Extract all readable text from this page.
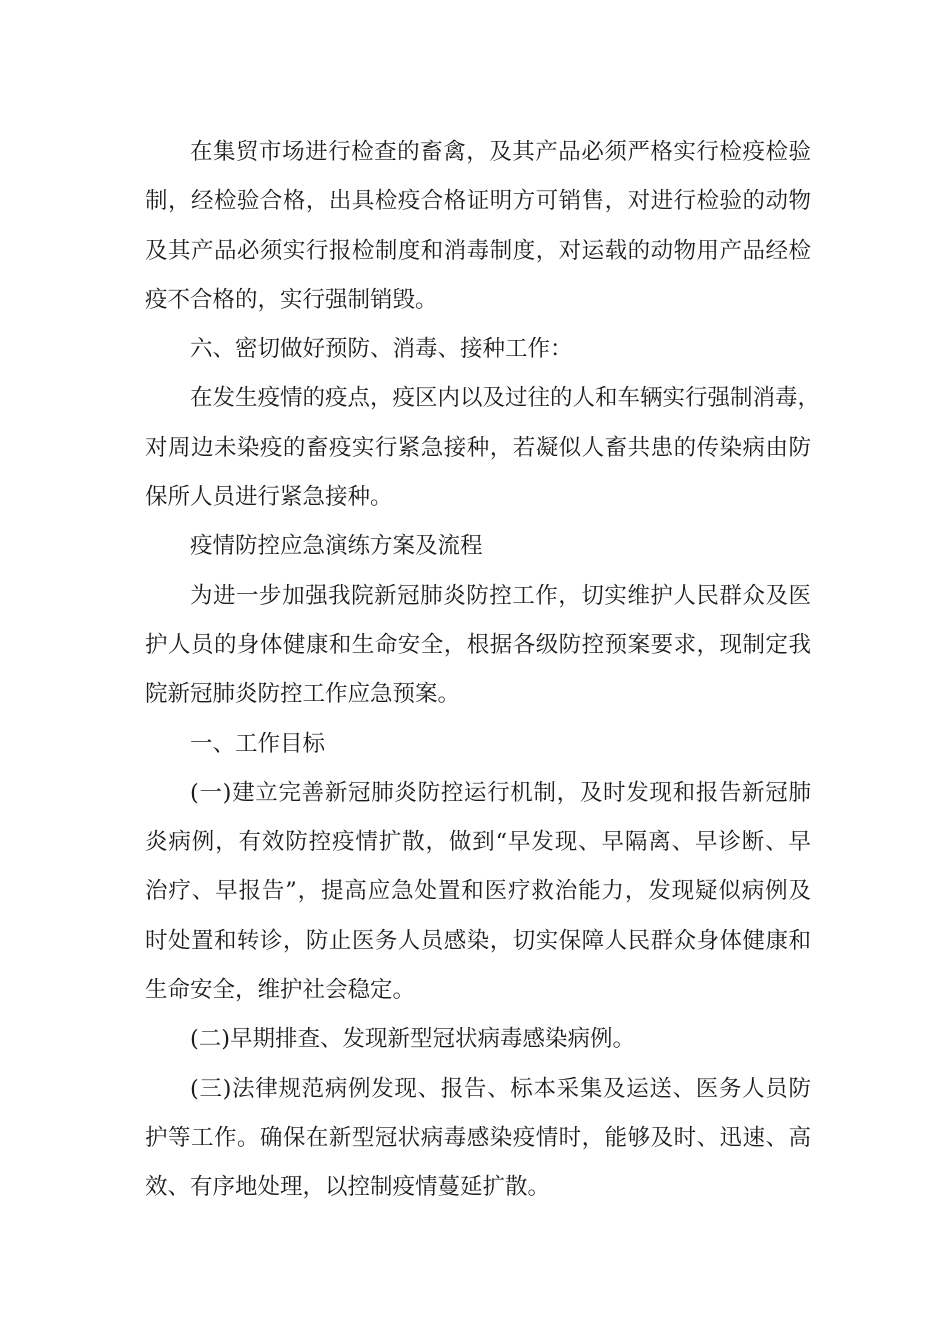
在集贸市场进行检查的畜禽，及其产品必须严格实行检疫检验
制，经检验合格，出具检疫合格证明方可销售，对进行检验的动物
及其产品必须实行报检制度和消毒制度，对运载的动物用产品经检
疫不合格的，实行强制销毁。

六、密切做好预防、消毒、接种工作：

在发生疫情的疫点，疫区内以及过往的人和车辆实行强制消毒，
对周边未染疫的畜疫实行紧急接种，若凝似人畜共患的传染病由防
保所人员进行紧急接种。

疫情防控应急演练方案及流程

为进一步加强我院新冠肺炎防控工作，切实维护人民群众及医
护人员的身体健康和生命安全，根据各级防控预案要求，现制定我
院新冠肺炎防控工作应急预案。

一、工作目标

(一)建立完善新冠肺炎防控运行机制，及时发现和报告新冠肺
炎病例，有效防控疫情扩散，做到“早发现、早隔离、早诊断、早
治疗、早报告”，提高应急处置和医疗救治能力，发现疑似病例及
时处置和转诊，防止医务人员感染，切实保障人民群众身体健康和
生命安全，维护社会稳定。

(二)早期排查、发现新型冠状病毒感染病例。

(三)法律规范病例发现、报告、标本采集及运送、医务人员防
护等工作。确保在新型冠状病毒感染疫情时，能够及时、迅速、高
效、有序地处理，以控制疫情蔓延扩散。
